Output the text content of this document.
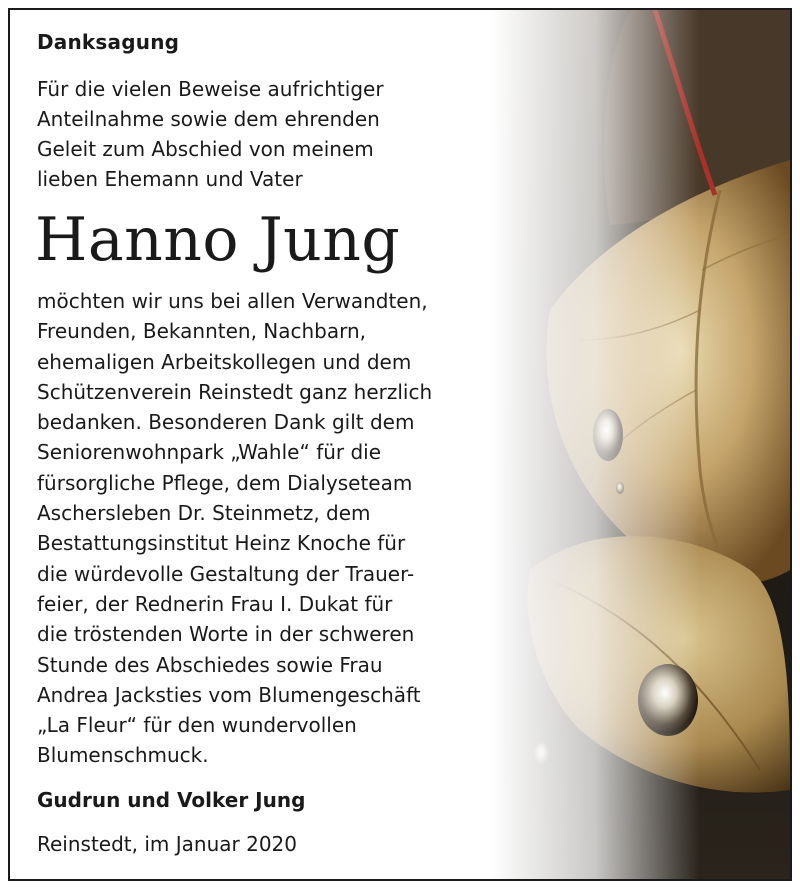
Danksagung

Für die vielen Beweise aufrichtiger
Anteilnahme sowie dem ehrenden
Geleit zum Abschied von meinem
lieben Ehemann und Vater

Hanno Jung

möchten wir uns bei allen Verwandten,
Freunden, Bekannten, Nachbarn,
ehemaligen Arbeitskollegen und dem
Schützenverein Reinstedt ganz herzlich
bedanken. Besonderen Dank gilt dem
Seniorenwohnpark „Wahle“ für die
fürsorgliche Pflege, dem Dialyseteam
Aschersleben Dr. Steinmetz, dem
Bestattungsinstitut Heinz Knoche für
die würdevolle Gestaltung der Trauer-
feier, der Rednerin Frau I. Dukat für
die tröstenden Worte in der schweren
Stunde des Abschiedes sowie Frau
Andrea Jacksties vom Blumengeschäft
„La Fleur“ für den wundervollen
Blumenschmuck.

Gudrun und Volker Jung

Reinstedt, im Januar 2020
